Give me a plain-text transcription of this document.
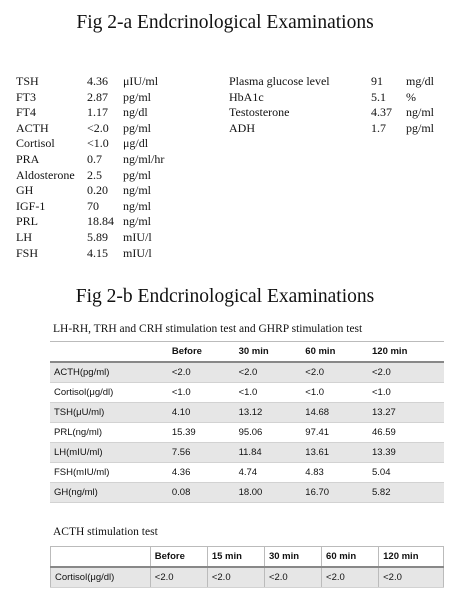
Fig 2-a Endcrinological Examinations
Fig 2-b Endcrinological Examinations
LH-RH, TRH and CRH stimulation test and GHRP stimulation test
	Before	30 min	60 min	120 min
ACTH(pg/ml)	<2.0	<2.0	<2.0	<2.0
Cortisol(μg/dl)	<1.0	<1.0	<1.0	<1.0
TSH(μU/ml)	4.10	13.12	14.68	13.27
PRL(ng/ml)	15.39	95.06	97.41	46.59
LH(mIU/ml)	7.56	11.84	13.61	13.39
FSH(mIU/ml)	4.36	4.74	4.83	5.04
GH(ng/ml)	0.08	18.00	16.70	5.82
ACTH stimulation test
	Before	15 min	30 min	60 min	120 min
Cortisol(μg/dl)	<2.0	<2.0	<2.0	<2.0	<2.0
TSH	4.36 μIU/ml
FT3	2.87 pg/ml
FT4	1.17 ng/dl
ACTH	<2.0 pg/ml
Cortisol	<1.0 μg/dl
PRA	0.7 ng/ml/hr
Aldosterone 2.5 pg/ml
GH	0.20 ng/ml
IGF-1	70 ng/ml
PRL	18.84 ng/ml
LH	5.89 mIU/l
FSH	4.15 mIU/l
Plasma glucose level	91 mg/dl
HbA1c	5.1 %
Testosterone	4.37 ng/ml
ADH	1.7 pg/ml
